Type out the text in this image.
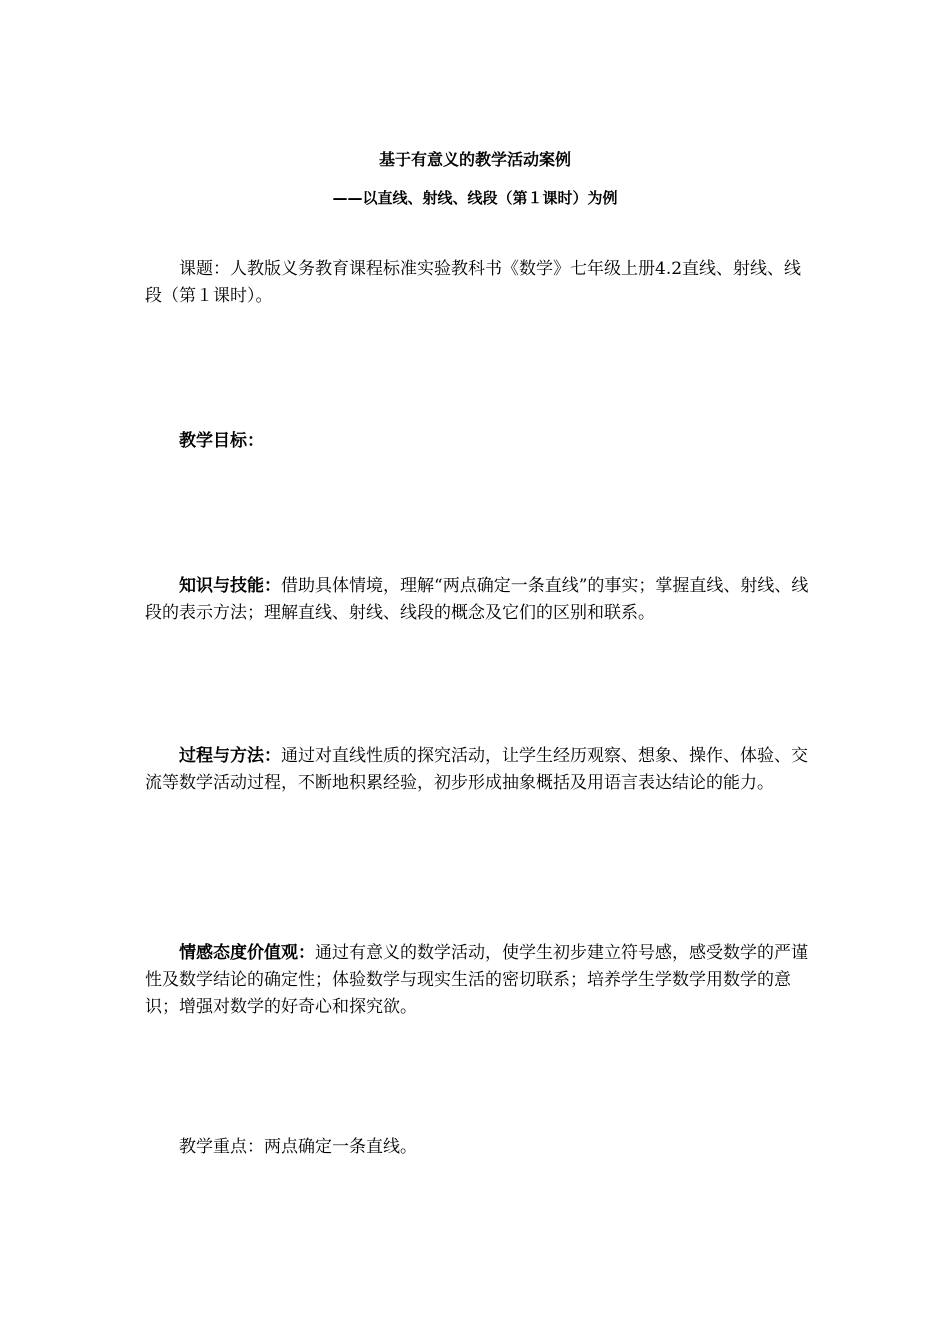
基于有意义的教学活动案例
——以直线、射线、线段（第１课时）为例

课题：人教版义务教育课程标准实验教科书《数学》七年级上册4.2直线、射线、线段（第１课时）。

教学目标：

知识与技能：借助具体情境，理解“两点确定一条直线”的事实；掌握直线、射线、线段的表示方法；理解直线、射线、线段的概念及它们的区别和联系。

过程与方法：通过对直线性质的探究活动，让学生经历观察、想象、操作、体验、交流等数学活动过程，不断地积累经验，初步形成抽象概括及用语言表达结论的能力。

情感态度价值观：通过有意义的数学活动，使学生初步建立符号感，感受数学的严谨性及数学结论的确定性；体验数学与现实生活的密切联系；培养学生学数学用数学的意识；增强对数学的好奇心和探究欲。

教学重点：两点确定一条直线。
